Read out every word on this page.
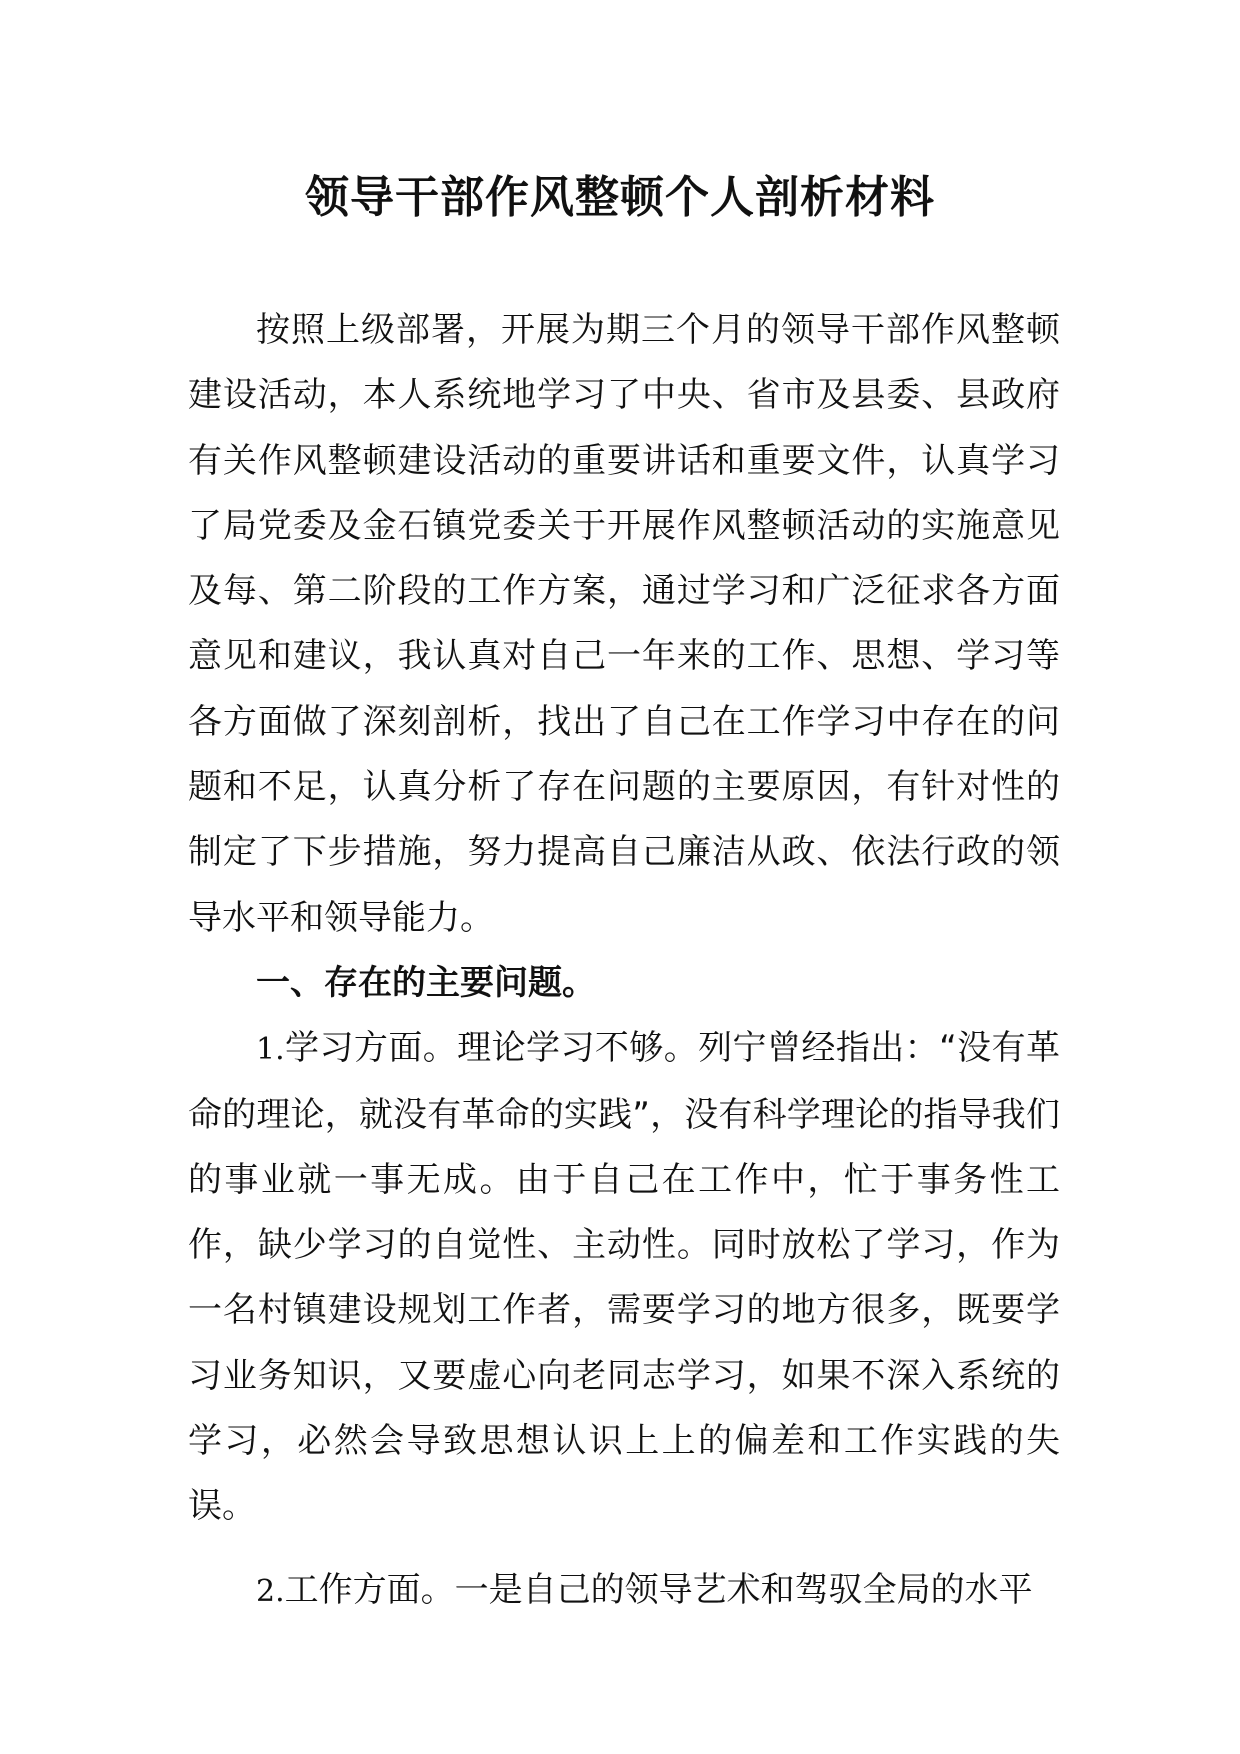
领导干部作风整顿个人剖析材料

按照上级部署，开展为期三个月的领导干部作风整顿建设活动，本人系统地学习了中央、省市及县委、县政府有关作风整顿建设活动的重要讲话和重要文件，认真学习了局党委及金石镇党委关于开展作风整顿活动的实施意见及每、第二阶段的工作方案，通过学习和广泛征求各方面意见和建议，我认真对自己一年来的工作、思想、学习等各方面做了深刻剖析，找出了自己在工作学习中存在的问题和不足，认真分析了存在问题的主要原因，有针对性的制定了下步措施，努力提高自己廉洁从政、依法行政的领导水平和领导能力。

一、存在的主要问题。

1.学习方面。理论学习不够。列宁曾经指出：“没有革命的理论，就没有革命的实践”，没有科学理论的指导我们的事业就一事无成。由于自己在工作中，忙于事务性工作，缺少学习的自觉性、主动性。同时放松了学习，作为一名村镇建设规划工作者，需要学习的地方很多，既要学习业务知识，又要虚心向老同志学习，如果不深入系统的学习，必然会导致思想认识上上的偏差和工作实践的失误。

2.工作方面。一是自己的领导艺术和驾驭全局的水平
